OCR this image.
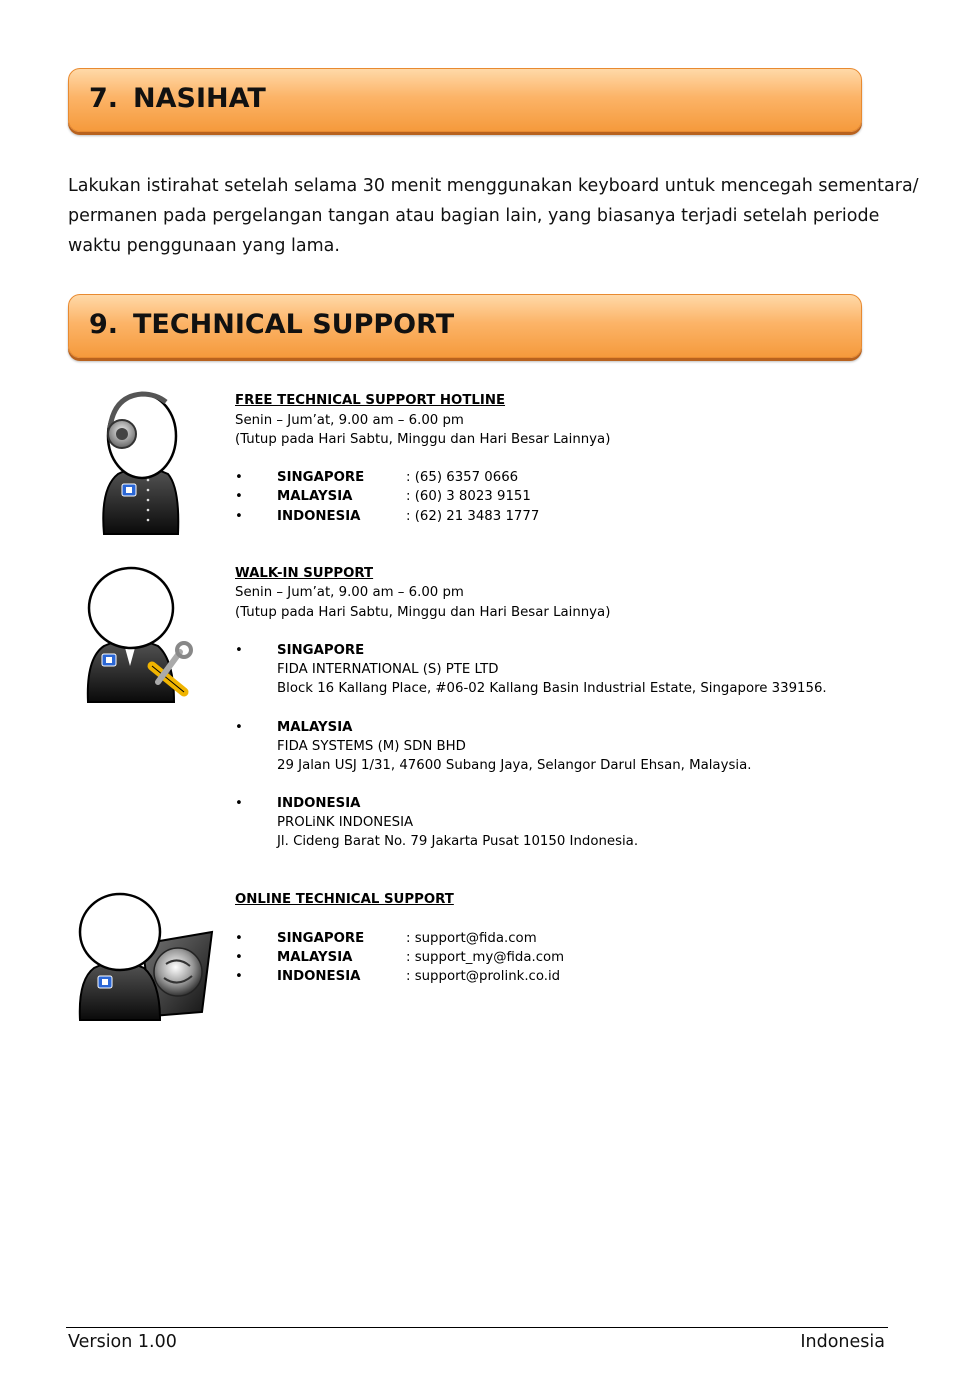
7. NASIHAT
Lakukan istirahat setelah selama 30 menit menggunakan keyboard untuk mencegah sementara/
permanen pada pergelangan tangan atau bagian lain, yang biasanya terjadi setelah periode
waktu penggunaan yang lama.
9. TECHNICAL SUPPORT
FREE TECHNICAL SUPPORT HOTLINE
Senin – Jum’at, 9.00 am – 6.00 pm
(Tutup pada Hari Sabtu, Minggu dan Hari Besar Lainnya)
•	SINGAPORE	: (65) 6357 0666
•	MALAYSIA	: (60) 3 8023 9151
•	INDONESIA	: (62) 21 3483 1777
WALK-IN SUPPORT
Senin – Jum’at, 9.00 am – 6.00 pm
(Tutup pada Hari Sabtu, Minggu dan Hari Besar Lainnya)
•	SINGAPORE
FIDA INTERNATIONAL (S) PTE LTD
Block 16 Kallang Place, #06-02 Kallang Basin Industrial Estate, Singapore 339156.
•	MALAYSIA
FIDA SYSTEMS (M) SDN BHD
29 Jalan USJ 1/31, 47600 Subang Jaya, Selangor Darul Ehsan, Malaysia.
•	INDONESIA
PROLiNK INDONESIA
Jl. Cideng Barat No. 79 Jakarta Pusat 10150 Indonesia.
ONLINE TECHNICAL SUPPORT
•	SINGAPORE	: support@fida.com
•	MALAYSIA	: support_my@fida.com
•	INDONESIA	: support@prolink.co.id
Version 1.00	Indonesia
